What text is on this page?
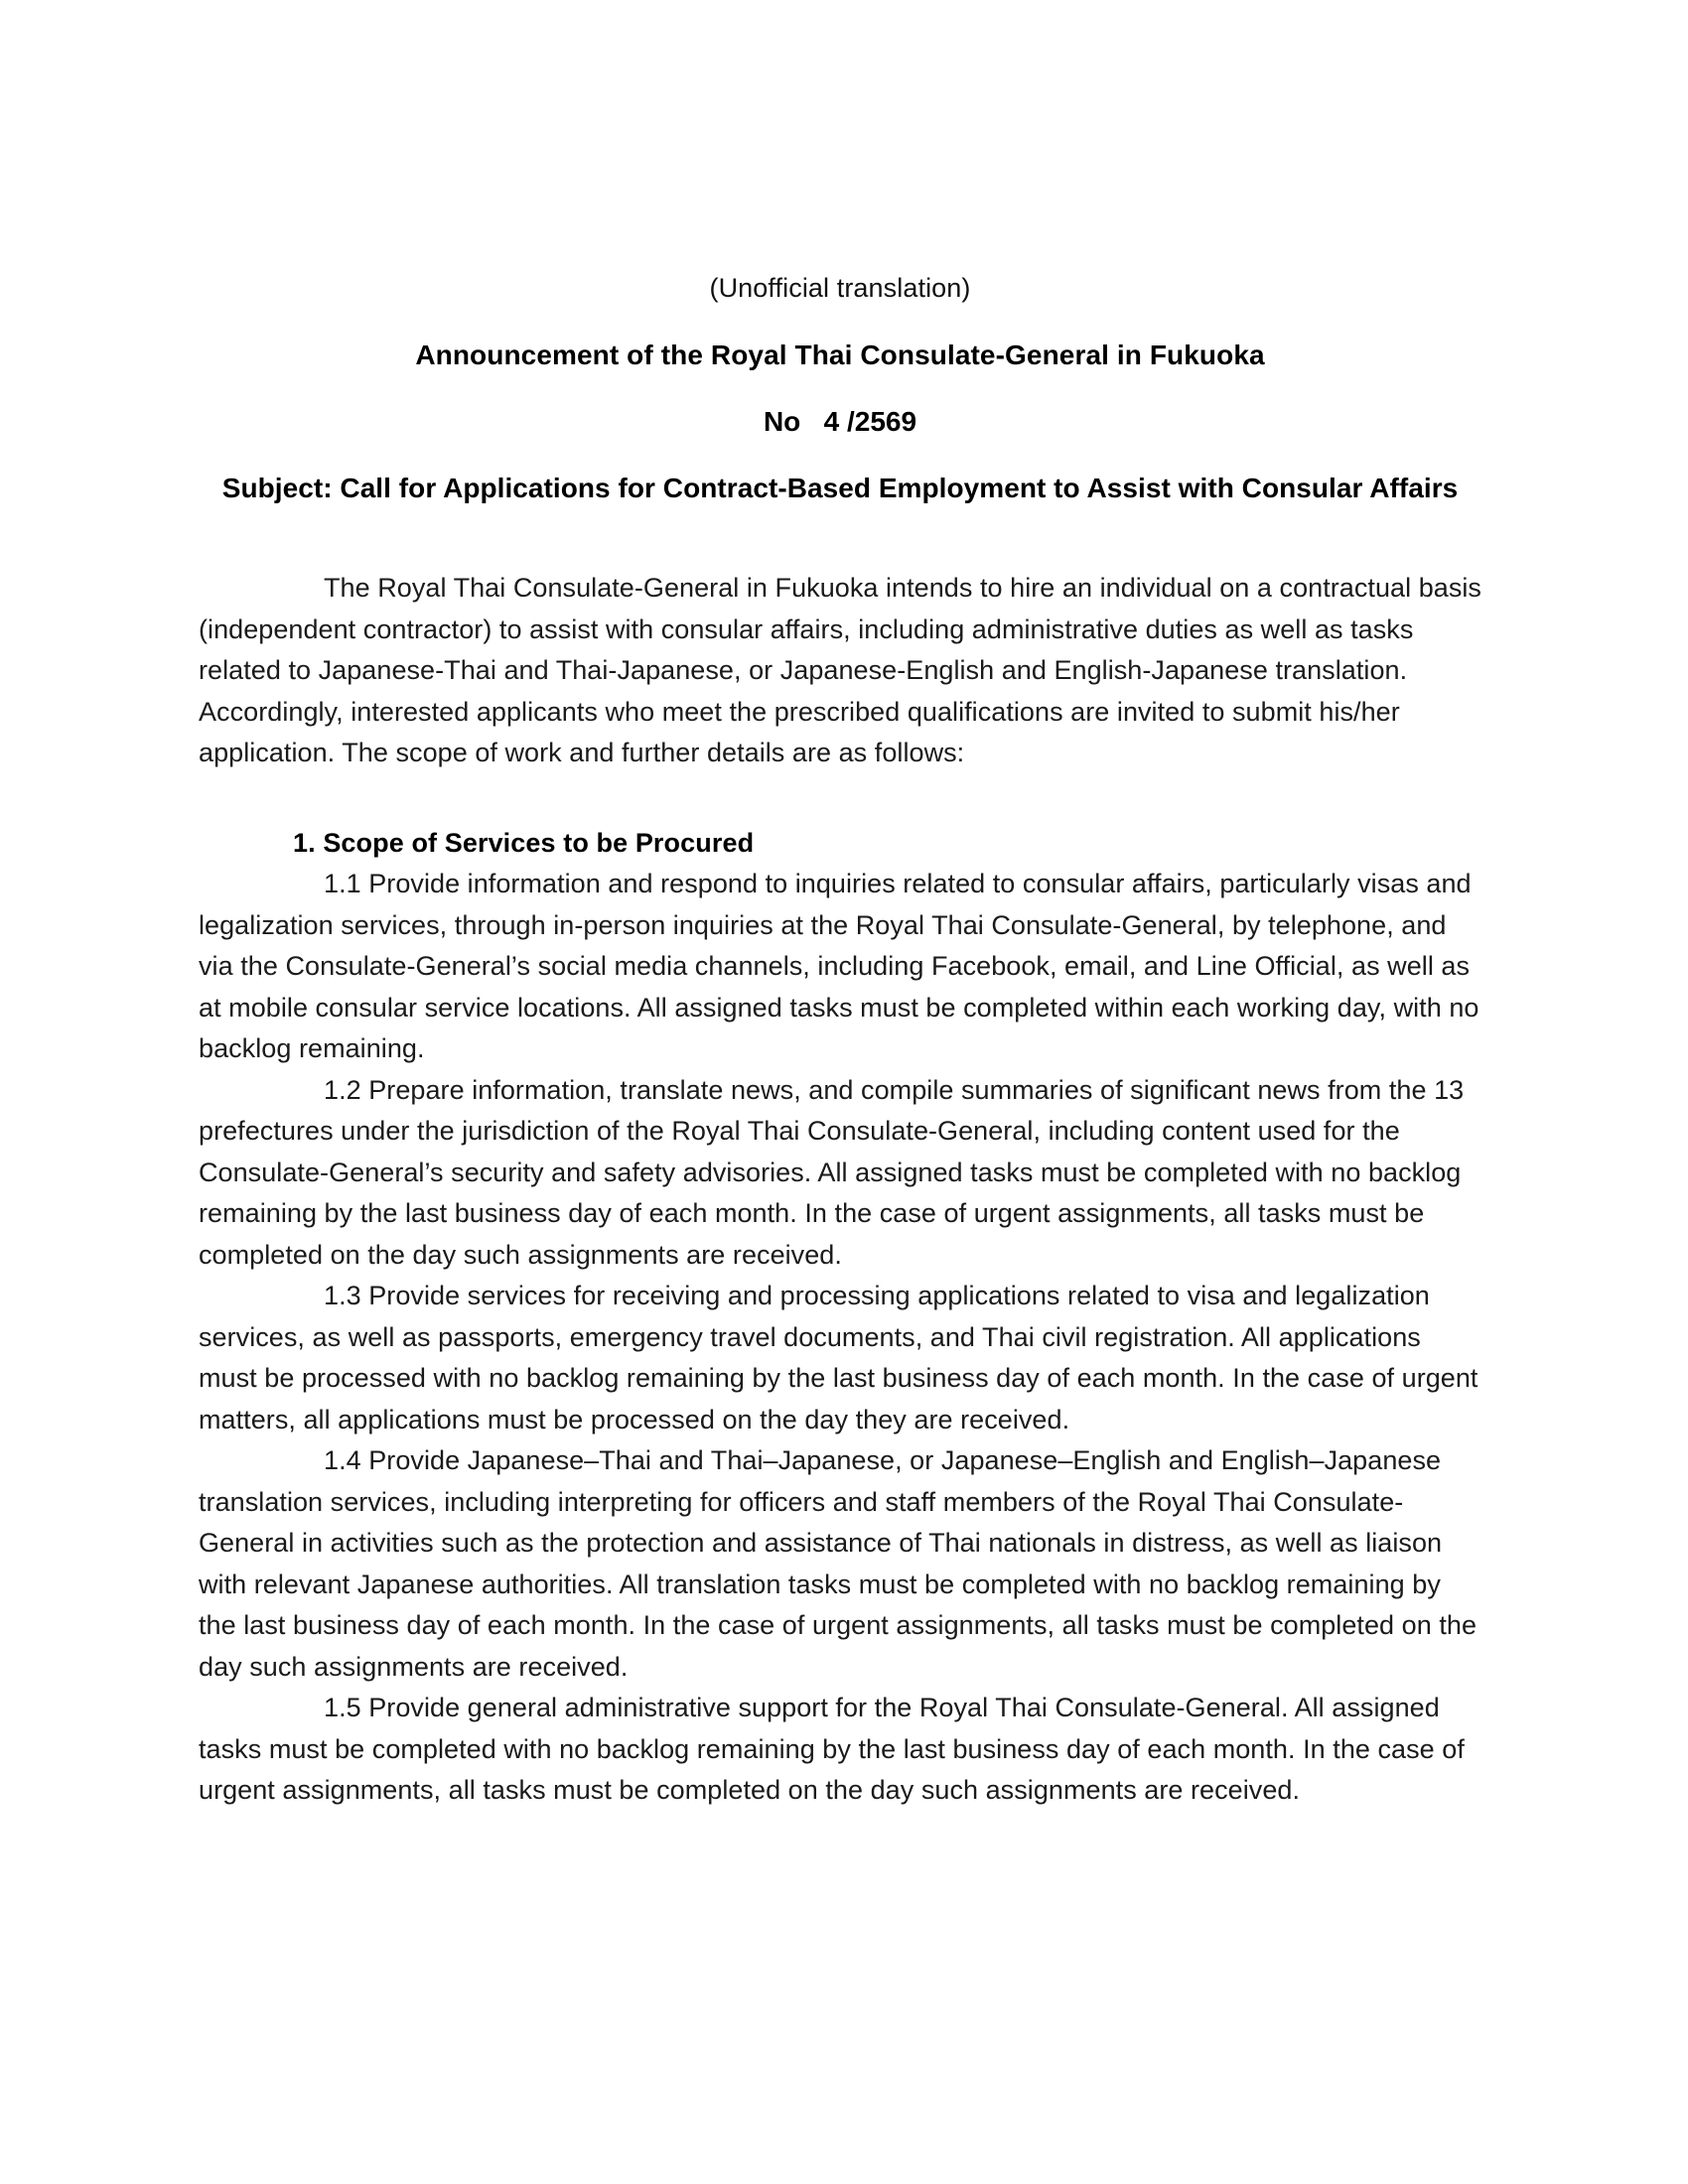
(Unofficial translation)
Announcement of the Royal Thai Consulate-General in Fukuoka
No   4 /2569
Subject: Call for Applications for Contract-Based Employment to Assist with Consular Affairs

The Royal Thai Consulate-General in Fukuoka intends to hire an individual on a contractual basis (independent contractor) to assist with consular affairs, including administrative duties as well as tasks related to Japanese-Thai and Thai-Japanese, or Japanese-English and English-Japanese translation. Accordingly, interested applicants who meet the prescribed qualifications are invited to submit his/her application. The scope of work and further details are as follows:

1. Scope of Services to be Procured

1.1 Provide information and respond to inquiries related to consular affairs, particularly visas and legalization services, through in-person inquiries at the Royal Thai Consulate-General, by telephone, and via the Consulate-General’s social media channels, including Facebook, email, and Line Official, as well as at mobile consular service locations. All assigned tasks must be completed within each working day, with no backlog remaining.

1.2 Prepare information, translate news, and compile summaries of significant news from the 13 prefectures under the jurisdiction of the Royal Thai Consulate-General, including content used for the Consulate-General’s security and safety advisories. All assigned tasks must be completed with no backlog remaining by the last business day of each month. In the case of urgent assignments, all tasks must be completed on the day such assignments are received.

1.3 Provide services for receiving and processing applications related to visa and legalization services, as well as passports, emergency travel documents, and Thai civil registration. All applications must be processed with no backlog remaining by the last business day of each month. In the case of urgent matters, all applications must be processed on the day they are received.

1.4 Provide Japanese–Thai and Thai–Japanese, or Japanese–English and English–Japanese translation services, including interpreting for officers and staff members of the Royal Thai Consulate-General in activities such as the protection and assistance of Thai nationals in distress, as well as liaison with relevant Japanese authorities. All translation tasks must be completed with no backlog remaining by the last business day of each month. In the case of urgent assignments, all tasks must be completed on the day such assignments are received.

1.5 Provide general administrative support for the Royal Thai Consulate-General. All assigned tasks must be completed with no backlog remaining by the last business day of each month. In the case of urgent assignments, all tasks must be completed on the day such assignments are received.
